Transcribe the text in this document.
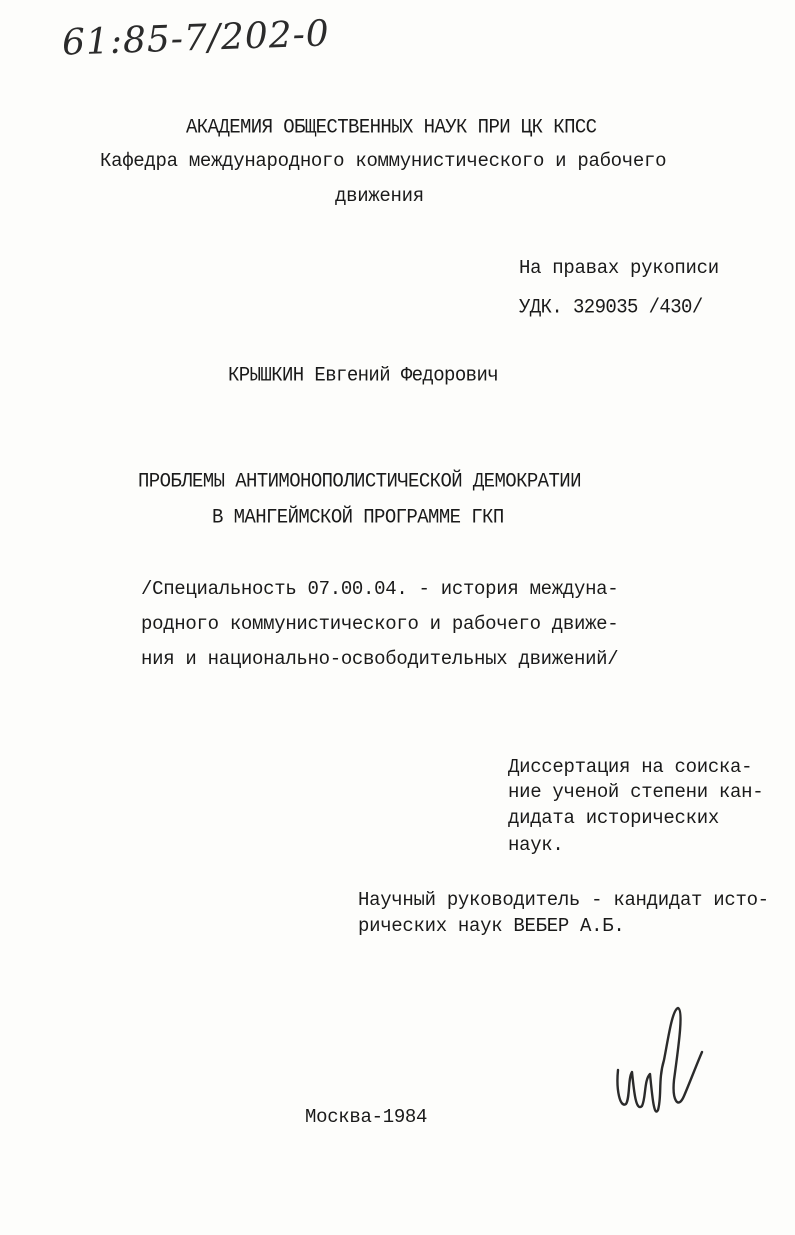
61:85-7/202-0
АКАДЕМИЯ ОБЩЕСТВЕННЫХ НАУК ПРИ ЦК КПСС
Кафедра международного коммунистического и рабочего
движения
На правах рукописи
УДК. 329035 /430/
КРЫШКИН Евгений Федорович
ПРОБЛЕМЫ АНТИМОНОПОЛИСТИЧЕСКОЙ ДЕМОКРАТИИ
В МАНГЕЙМСКОЙ ПРОГРАММЕ ГКП
/Специальность 07.00.04. - история междуна-
родного коммунистического и рабочего движе-
ния и национально-освободительных движений/
Диссертация на соиска-
ние ученой степени кан-
дидата исторических
наук.
Научный руководитель - кандидат исто-
рических наук ВЕБЕР А.Б.
Москва-1984
